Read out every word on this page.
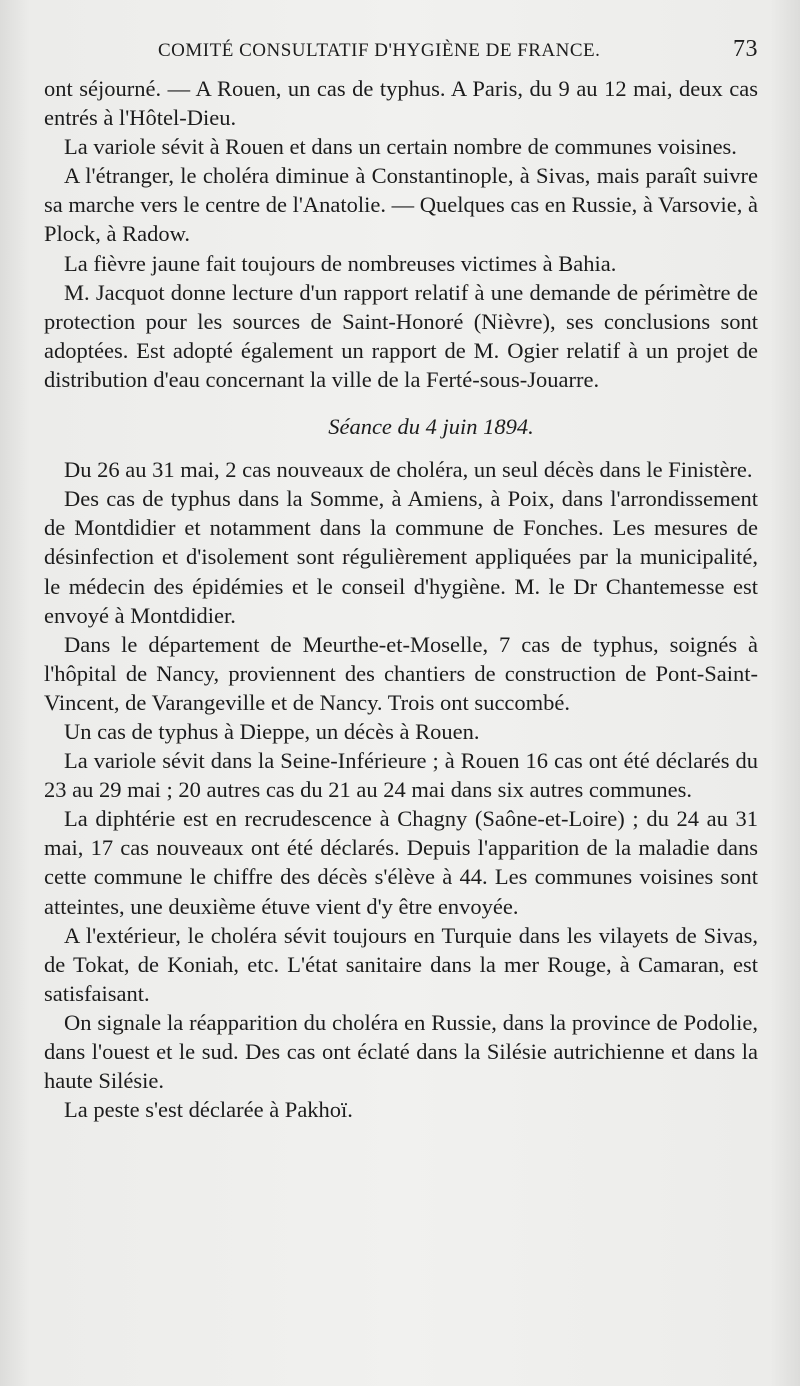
COMITÉ CONSULTATIF D'HYGIÈNE DE FRANCE.	73

ont séjourné. — A Rouen, un cas de typhus. A Paris, du 9 au 12 mai, deux cas entrés à l'Hôtel-Dieu.

La variole sévit à Rouen et dans un certain nombre de communes voisines.

A l'étranger, le choléra diminue à Constantinople, à Sivas, mais paraît suivre sa marche vers le centre de l'Anatolie. — Quelques cas en Russie, à Varsovie, à Plock, à Radow.

La fièvre jaune fait toujours de nombreuses victimes à Bahia.

M. Jacquot donne lecture d'un rapport relatif à une demande de périmètre de protection pour les sources de Saint-Honoré (Nièvre), ses conclusions sont adoptées. Est adopté également un rapport de M. Ogier relatif à un projet de distribution d'eau concernant la ville de la Ferté-sous-Jouarre.

Séance du 4 juin 1894.

Du 26 au 31 mai, 2 cas nouveaux de choléra, un seul décès dans le Finistère.

Des cas de typhus dans la Somme, à Amiens, à Poix, dans l'arrondissement de Montdidier et notamment dans la commune de Fonches. Les mesures de désinfection et d'isolement sont régulièrement appliquées par la municipalité, le médecin des épidémies et le conseil d'hygiène. M. le Dr Chantemesse est envoyé à Montdidier.

Dans le département de Meurthe-et-Moselle, 7 cas de typhus, soignés à l'hôpital de Nancy, proviennent des chantiers de construction de Pont-Saint-Vincent, de Varangeville et de Nancy. Trois ont succombé.

Un cas de typhus à Dieppe, un décès à Rouen.

La variole sévit dans la Seine-Inférieure ; à Rouen 16 cas ont été déclarés du 23 au 29 mai ; 20 autres cas du 21 au 24 mai dans six autres communes.

La diphtérie est en recrudescence à Chagny (Saône-et-Loire) ; du 24 au 31 mai, 17 cas nouveaux ont été déclarés. Depuis l'apparition de la maladie dans cette commune le chiffre des décès s'élève à 44. Les communes voisines sont atteintes, une deuxième étuve vient d'y être envoyée.

A l'extérieur, le choléra sévit toujours en Turquie dans les vilayets de Sivas, de Tokat, de Koniah, etc. L'état sanitaire dans la mer Rouge, à Camaran, est satisfaisant.

On signale la réapparition du choléra en Russie, dans la province de Podolie, dans l'ouest et le sud. Des cas ont éclaté dans la Silésie autrichienne et dans la haute Silésie.

La peste s'est déclarée à Pakhoï.
